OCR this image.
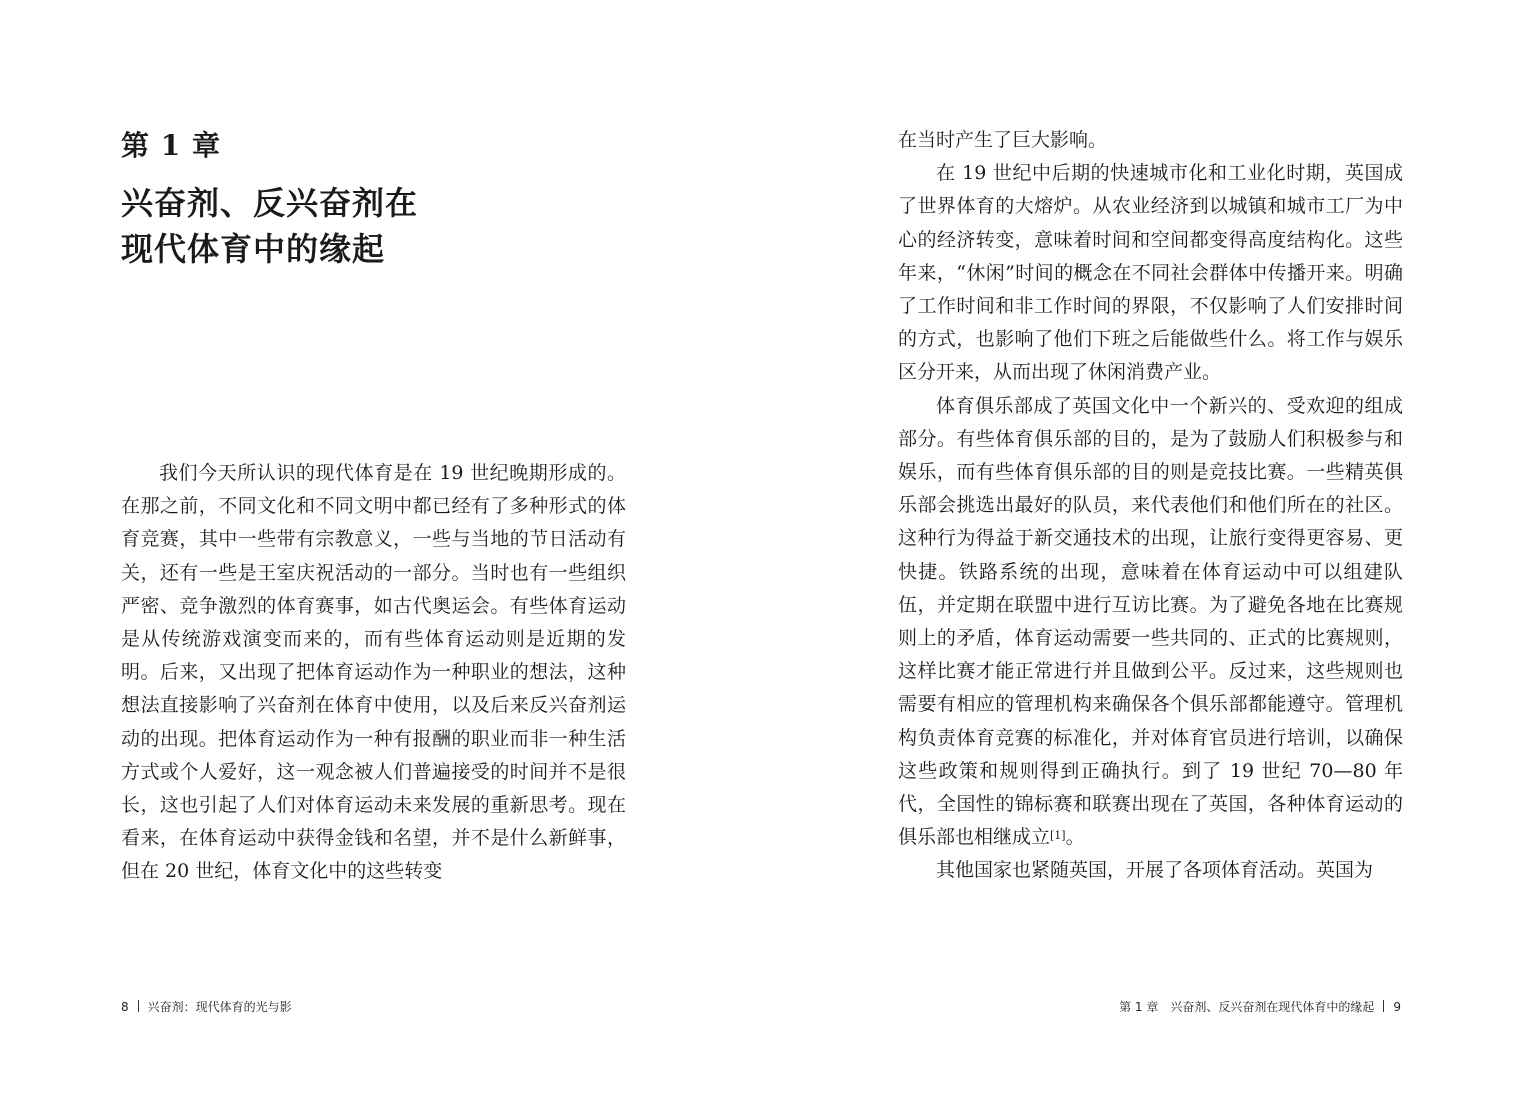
第 1 章
兴奋剂、反兴奋剂在
现代体育中的缘起

我们今天所认识的现代体育是在 19 世纪晚期形成的。在那之前，不同文化和不同文明中都已经有了多种形式的体育竞赛，其中一些带有宗教意义，一些与当地的节日活动有关，还有一些是王室庆祝活动的一部分。当时也有一些组织严密、竞争激烈的体育赛事，如古代奥运会。有些体育运动是从传统游戏演变而来的，而有些体育运动则是近期的发明。后来，又出现了把体育运动作为一种职业的想法，这种想法直接影响了兴奋剂在体育中使用，以及后来反兴奋剂运动的出现。把体育运动作为一种有报酬的职业而非一种生活方式或个人爱好，这一观念被人们普遍接受的时间并不是很长，这也引起了人们对体育运动未来发展的重新思考。现在看来，在体育运动中获得金钱和名望，并不是什么新鲜事，但在 20 世纪，体育文化中的这些转变

8 兴奋剂：现代体育的光与影

在当时产生了巨大影响。

在 19 世纪中后期的快速城市化和工业化时期，英国成了世界体育的大熔炉。从农业经济到以城镇和城市工厂为中心的经济转变，意味着时间和空间都变得高度结构化。这些年来，“休闲”时间的概念在不同社会群体中传播开来。明确了工作时间和非工作时间的界限，不仅影响了人们安排时间的方式，也影响了他们下班之后能做些什么。将工作与娱乐区分开来，从而出现了休闲消费产业。

体育俱乐部成了英国文化中一个新兴的、受欢迎的组成部分。有些体育俱乐部的目的，是为了鼓励人们积极参与和娱乐，而有些体育俱乐部的目的则是竞技比赛。一些精英俱乐部会挑选出最好的队员，来代表他们和他们所在的社区。这种行为得益于新交通技术的出现，让旅行变得更容易、更快捷。铁路系统的出现，意味着在体育运动中可以组建队伍，并定期在联盟中进行互访比赛。为了避免各地在比赛规则上的矛盾，体育运动需要一些共同的、正式的比赛规则，这样比赛才能正常进行并且做到公平。反过来，这些规则也需要有相应的管理机构来确保各个俱乐部都能遵守。管理机构负责体育竞赛的标准化，并对体育官员进行培训，以确保这些政策和规则得到正确执行。到了 19 世纪 70—80 年代，全国性的锦标赛和联赛出现在了英国，各种体育运动的俱乐部也相继成立[1]。

其他国家也紧随英国，开展了各项体育活动。英国为

第 1 章　兴奋剂、反兴奋剂在现代体育中的缘起 9
